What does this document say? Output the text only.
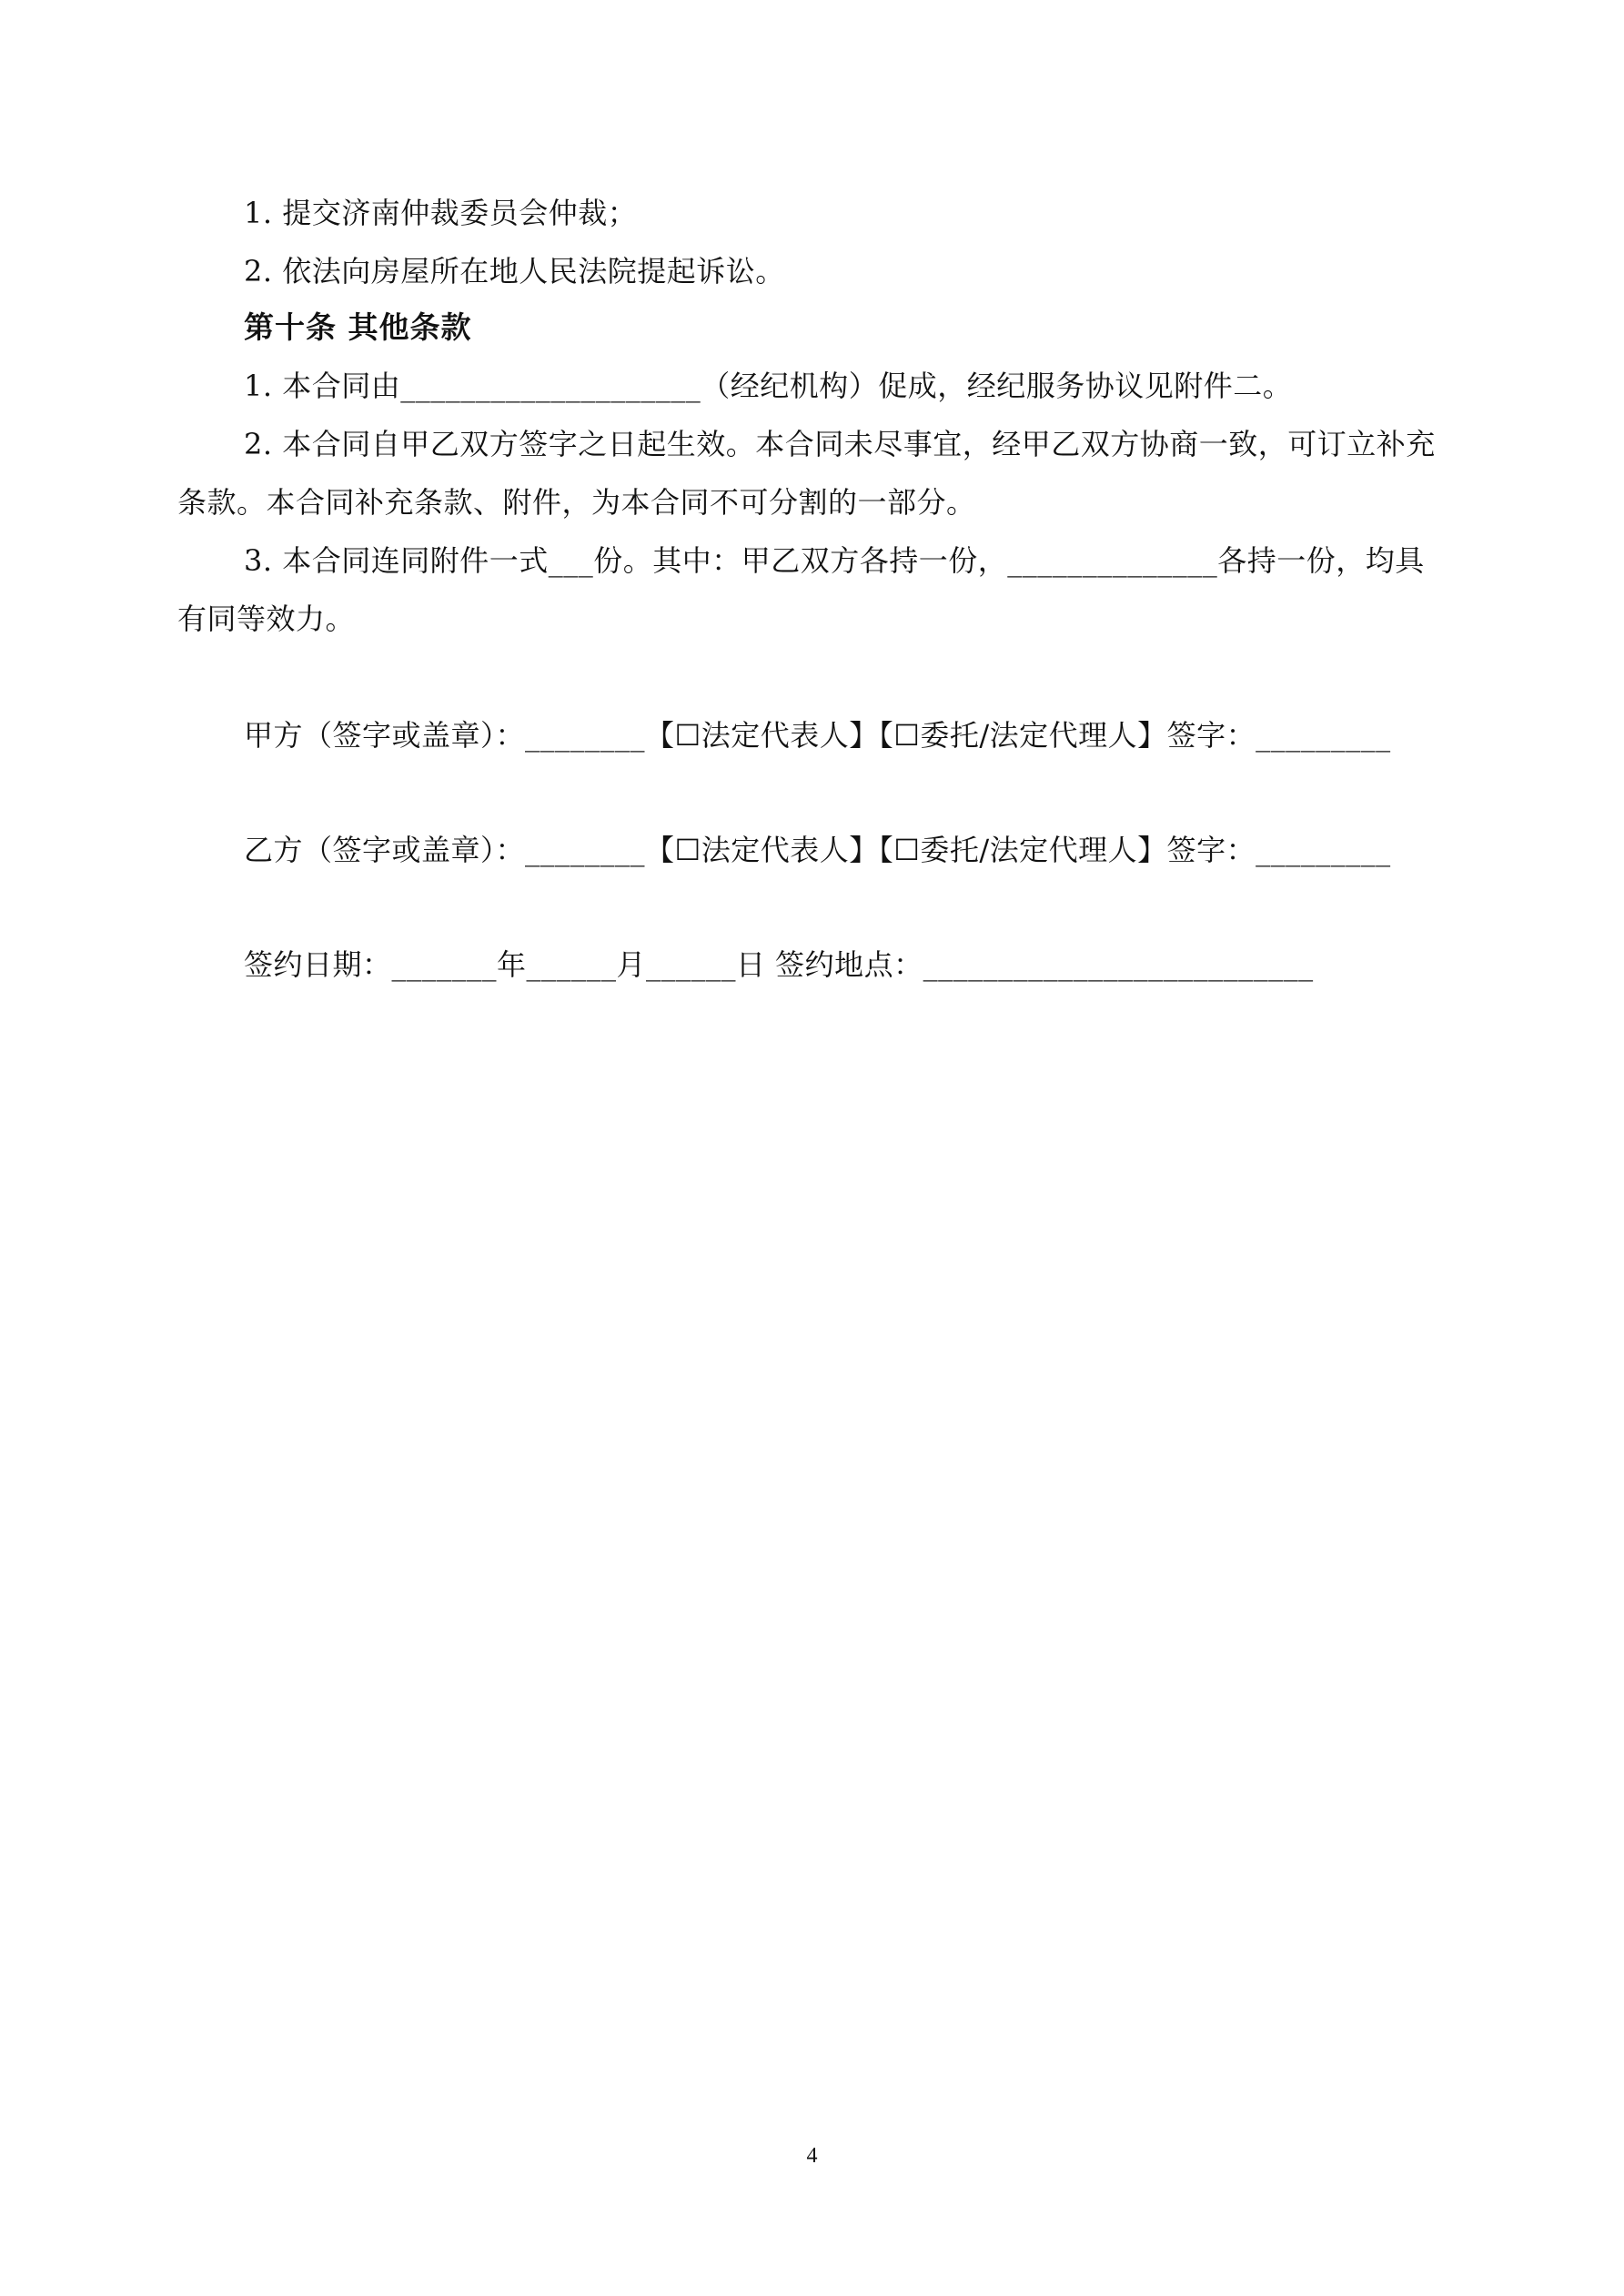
1. 提交济南仲裁委员会仲裁；
2. 依法向房屋所在地人民法院提起诉讼。
第十条 其他条款
1. 本合同由____________________（经纪机构）促成，经纪服务协议见附件二。
2. 本合同自甲乙双方签字之日起生效。本合同未尽事宜，经甲乙双方协商一致，可订立补充
条款。本合同补充条款、附件，为本合同不可分割的一部分。
3. 本合同连同附件一式___份。其中：甲乙双方各持一份，______________各持一份，均具
有同等效力。
甲方（签字或盖章）：________【☐法定代表人】【☐委托/法定代理人】签字：_________
乙方（签字或盖章）：________【☐法定代表人】【☐委托/法定代理人】签字：_________
签约日期：_______年______月______日 签约地点：__________________________
4
